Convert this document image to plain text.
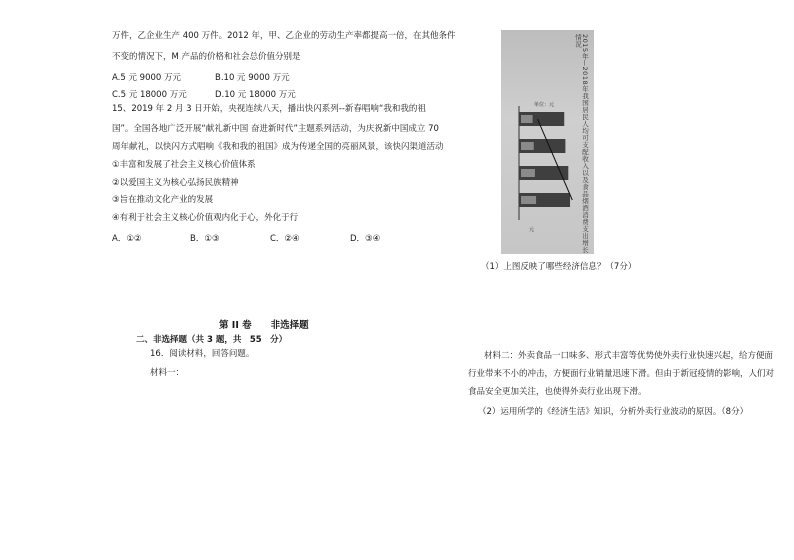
万件，乙企业生产 400 万件。2012 年，甲、乙企业的劳动生产率都提高一倍，在其他条件
不变的情况下，M 产品的价格和社会总价值分别是
A.5 元 9000 万元	B.10 元 9000 万元
C.5 元 18000 万元	D.10 元 18000 万元
15、2019 年 2 月 3 日开始，央视连续八天，播出快闪系列--新春唱响“我和我的祖
国”。全国各地广泛开展“献礼新中国 奋进新时代”主题系列活动，为庆祝新中国成立 70
周年献礼，以快闪方式唱响《我和我的祖国》成为传递全国的亮丽风景，该快闪渠道活动
①丰富和发展了社会主义核心价值体系
②以爱国主义为核心弘扬民族精神
③旨在推动文化产业的发展
④有利于社会主义核心价值观内化于心，外化于行
A．①②	B．①③	C．②④	D．③④
第 II 卷　　非选择题
二、非选择题（共 3 题，共　55　分）
16．阅读材料，回答问题。
材料一：
2015年—2018年我国居民人均可支配收入以及食品烟酒消费支出增长情况
单位：元
元
（1）上图反映了哪些经济信息？（7分）
材料二：外卖食品一口味多、形式丰富等优势使外卖行业快速兴起，给方便面
行业带来不小的冲击，方便面行业销量迅速下滑。但由于新冠疫情的影响，人们对
食品安全更加关注，也使得外卖行业出现下滑。
（2）运用所学的《经济生活》知识，分析外卖行业波动的原因。（8分）
